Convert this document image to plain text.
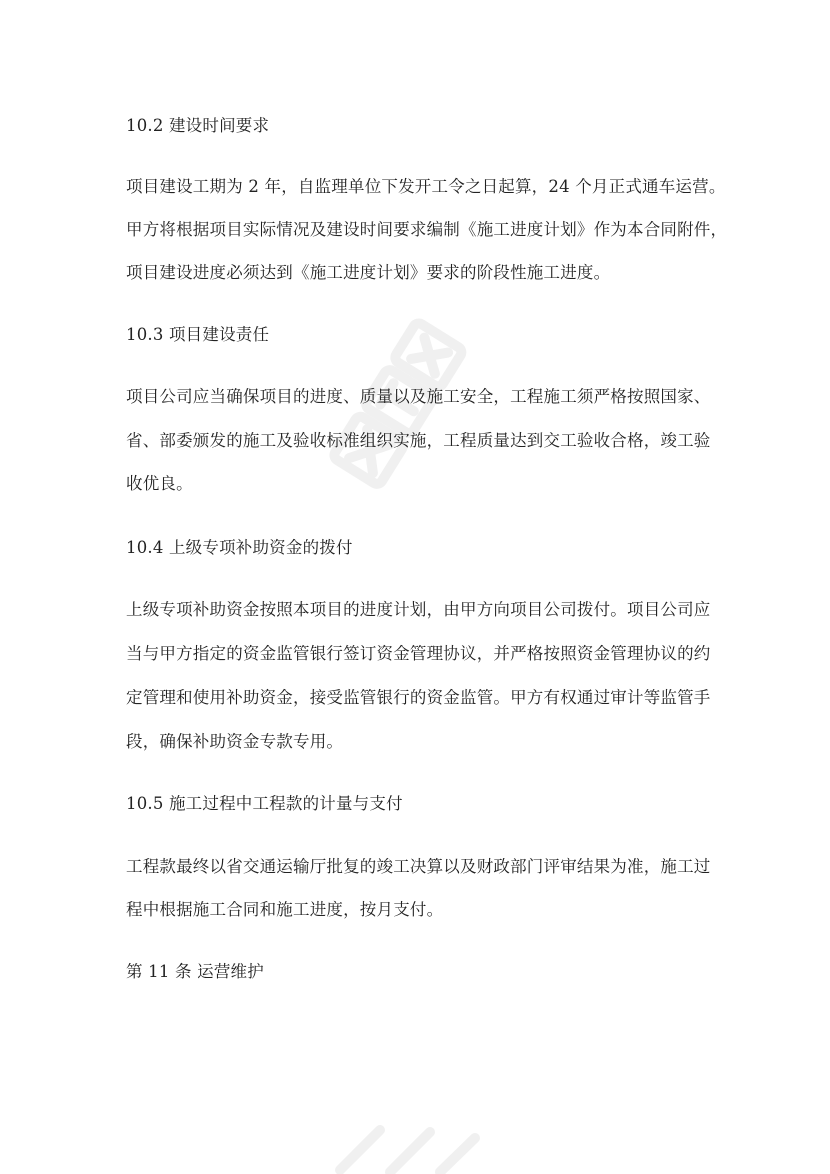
10.2 建设时间要求
项目建设工期为 2 年，自监理单位下发开工令之日起算，24 个月正式通车运营。
甲方将根据项目实际情况及建设时间要求编制《施工进度计划》作为本合同附件，
项目建设进度必须达到《施工进度计划》要求的阶段性施工进度。
10.3 项目建设责任
项目公司应当确保项目的进度、质量以及施工安全，工程施工须严格按照国家、
省、部委颁发的施工及验收标准组织实施，工程质量达到交工验收合格，竣工验
收优良。
10.4 上级专项补助资金的拨付
上级专项补助资金按照本项目的进度计划，由甲方向项目公司拨付。项目公司应
当与甲方指定的资金监管银行签订资金管理协议，并严格按照资金管理协议的约
定管理和使用补助资金，接受监管银行的资金监管。甲方有权通过审计等监管手
段，确保补助资金专款专用。
10.5 施工过程中工程款的计量与支付
工程款最终以省交通运输厅批复的竣工决算以及财政部门评审结果为准，施工过
程中根据施工合同和施工进度，按月支付。
第 11 条 运营维护
